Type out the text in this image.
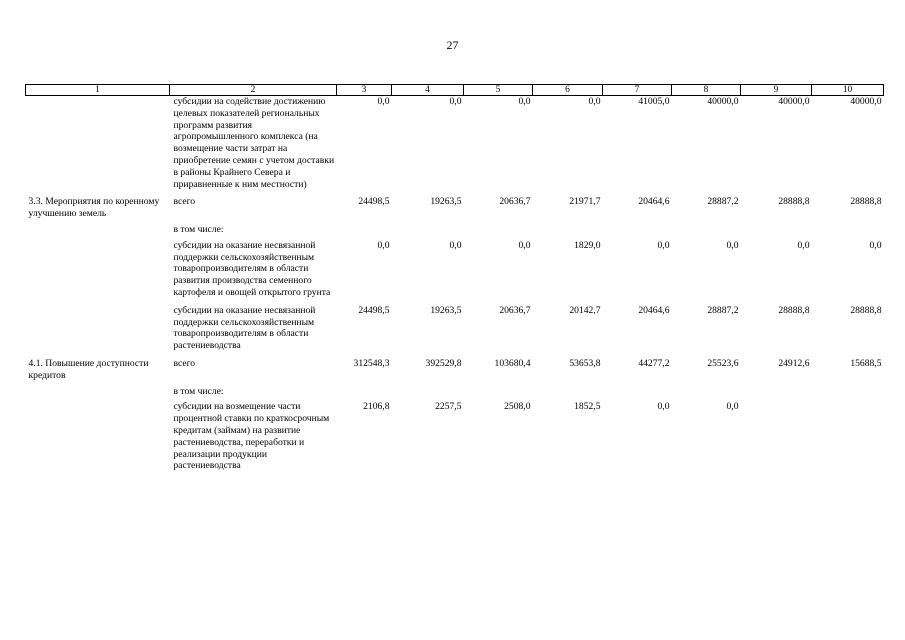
27
1	2	3	4	5	6	7	8	9	10
	субсидии на содействие достижению целевых показателей региональных программ развития агропромышленного комплекса (на возмещение части затрат на приобретение семян с учетом доставки в районы Крайнего Севера и приравненные к ним местности)	0,0	0,0	0,0	0,0	41005,0	40000,0	40000,0	40000,0
3.3. Мероприятия по коренному улучшению земель	всего	24498,5	19263,5	20636,7	21971,7	20464,6	28887,2	28888,8	28888,8
	в том числе:								
	субсидии на оказание несвязанной поддержки сельскохозяйственным товаропроизводителям в области развития производства семенного картофеля и овощей открытого грунта	0,0	0,0	0,0	1829,0	0,0	0,0	0,0	0,0
	субсидии на оказание несвязанной поддержки сельскохозяйственным товаропроизводителям в области растениеводства	24498,5	19263,5	20636,7	20142,7	20464,6	28887,2	28888,8	28888,8
4.1. Повышение доступности кредитов	всего	312548,3	392529,8	103680,4	53653,8	44277,2	25523,6	24912,6	15688,5
	в том числе:								
	субсидии на возмещение части процентной ставки по краткосрочным кредитам (займам) на развитие растениеводства, переработки и реализации продукции растениеводства	2106,8	2257,5	2508,0	1852,5	0,0	0,0		
